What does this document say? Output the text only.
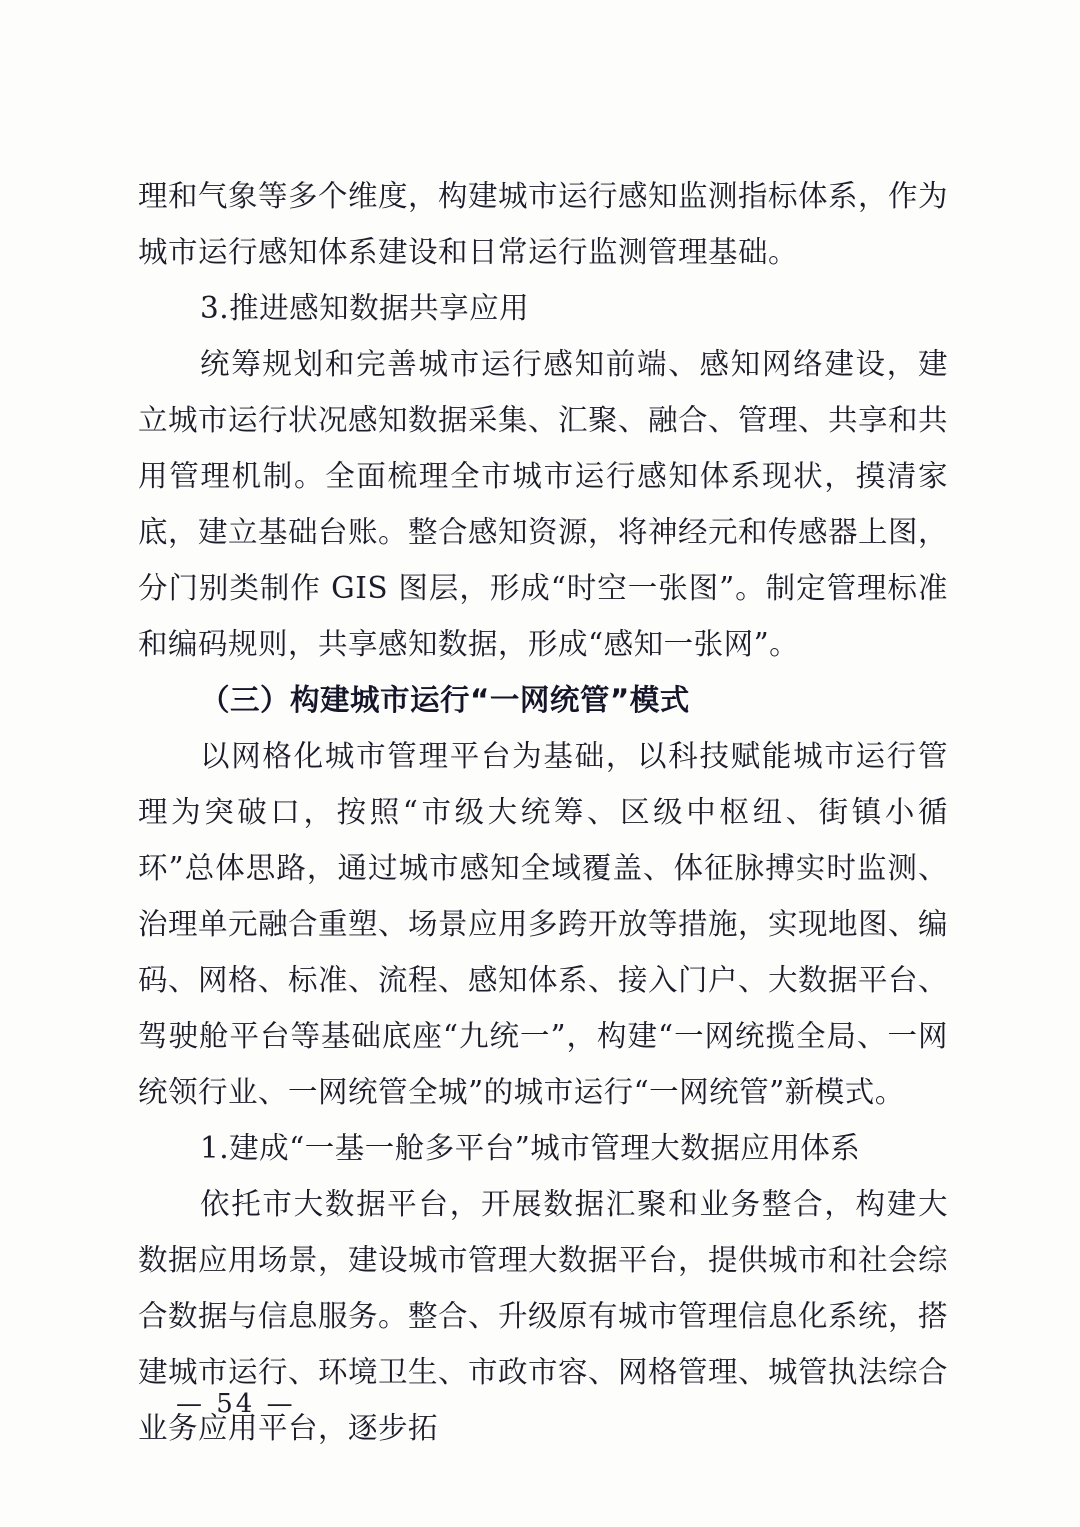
理和气象等多个维度，构建城市运行感知监测指标体系，作为城市运行感知体系建设和日常运行监测管理基础。

3.推进感知数据共享应用

统筹规划和完善城市运行感知前端、感知网络建设，建立城市运行状况感知数据采集、汇聚、融合、管理、共享和共用管理机制。全面梳理全市城市运行感知体系现状，摸清家底，建立基础台账。整合感知资源，将神经元和传感器上图，分门别类制作 GIS 图层，形成“时空一张图”。制定管理标准和编码规则，共享感知数据，形成“感知一张网”。

（三）构建城市运行“一网统管”模式

以网格化城市管理平台为基础，以科技赋能城市运行管理为突破口，按照“市级大统筹、区级中枢纽、街镇小循环”总体思路，通过城市感知全域覆盖、体征脉搏实时监测、治理单元融合重塑、场景应用多跨开放等措施，实现地图、编码、网格、标准、流程、感知体系、接入门户、大数据平台、驾驶舱平台等基础底座“九统一”，构建“一网统揽全局、一网统领行业、一网统管全城”的城市运行“一网统管”新模式。

1.建成“一基一舱多平台”城市管理大数据应用体系

依托市大数据平台，开展数据汇聚和业务整合，构建大数据应用场景，建设城市管理大数据平台，提供城市和社会综合数据与信息服务。整合、升级原有城市管理信息化系统，搭建城市运行、环境卫生、市政市容、网格管理、城管执法综合业务应用平台，逐步拓

— 54 —
